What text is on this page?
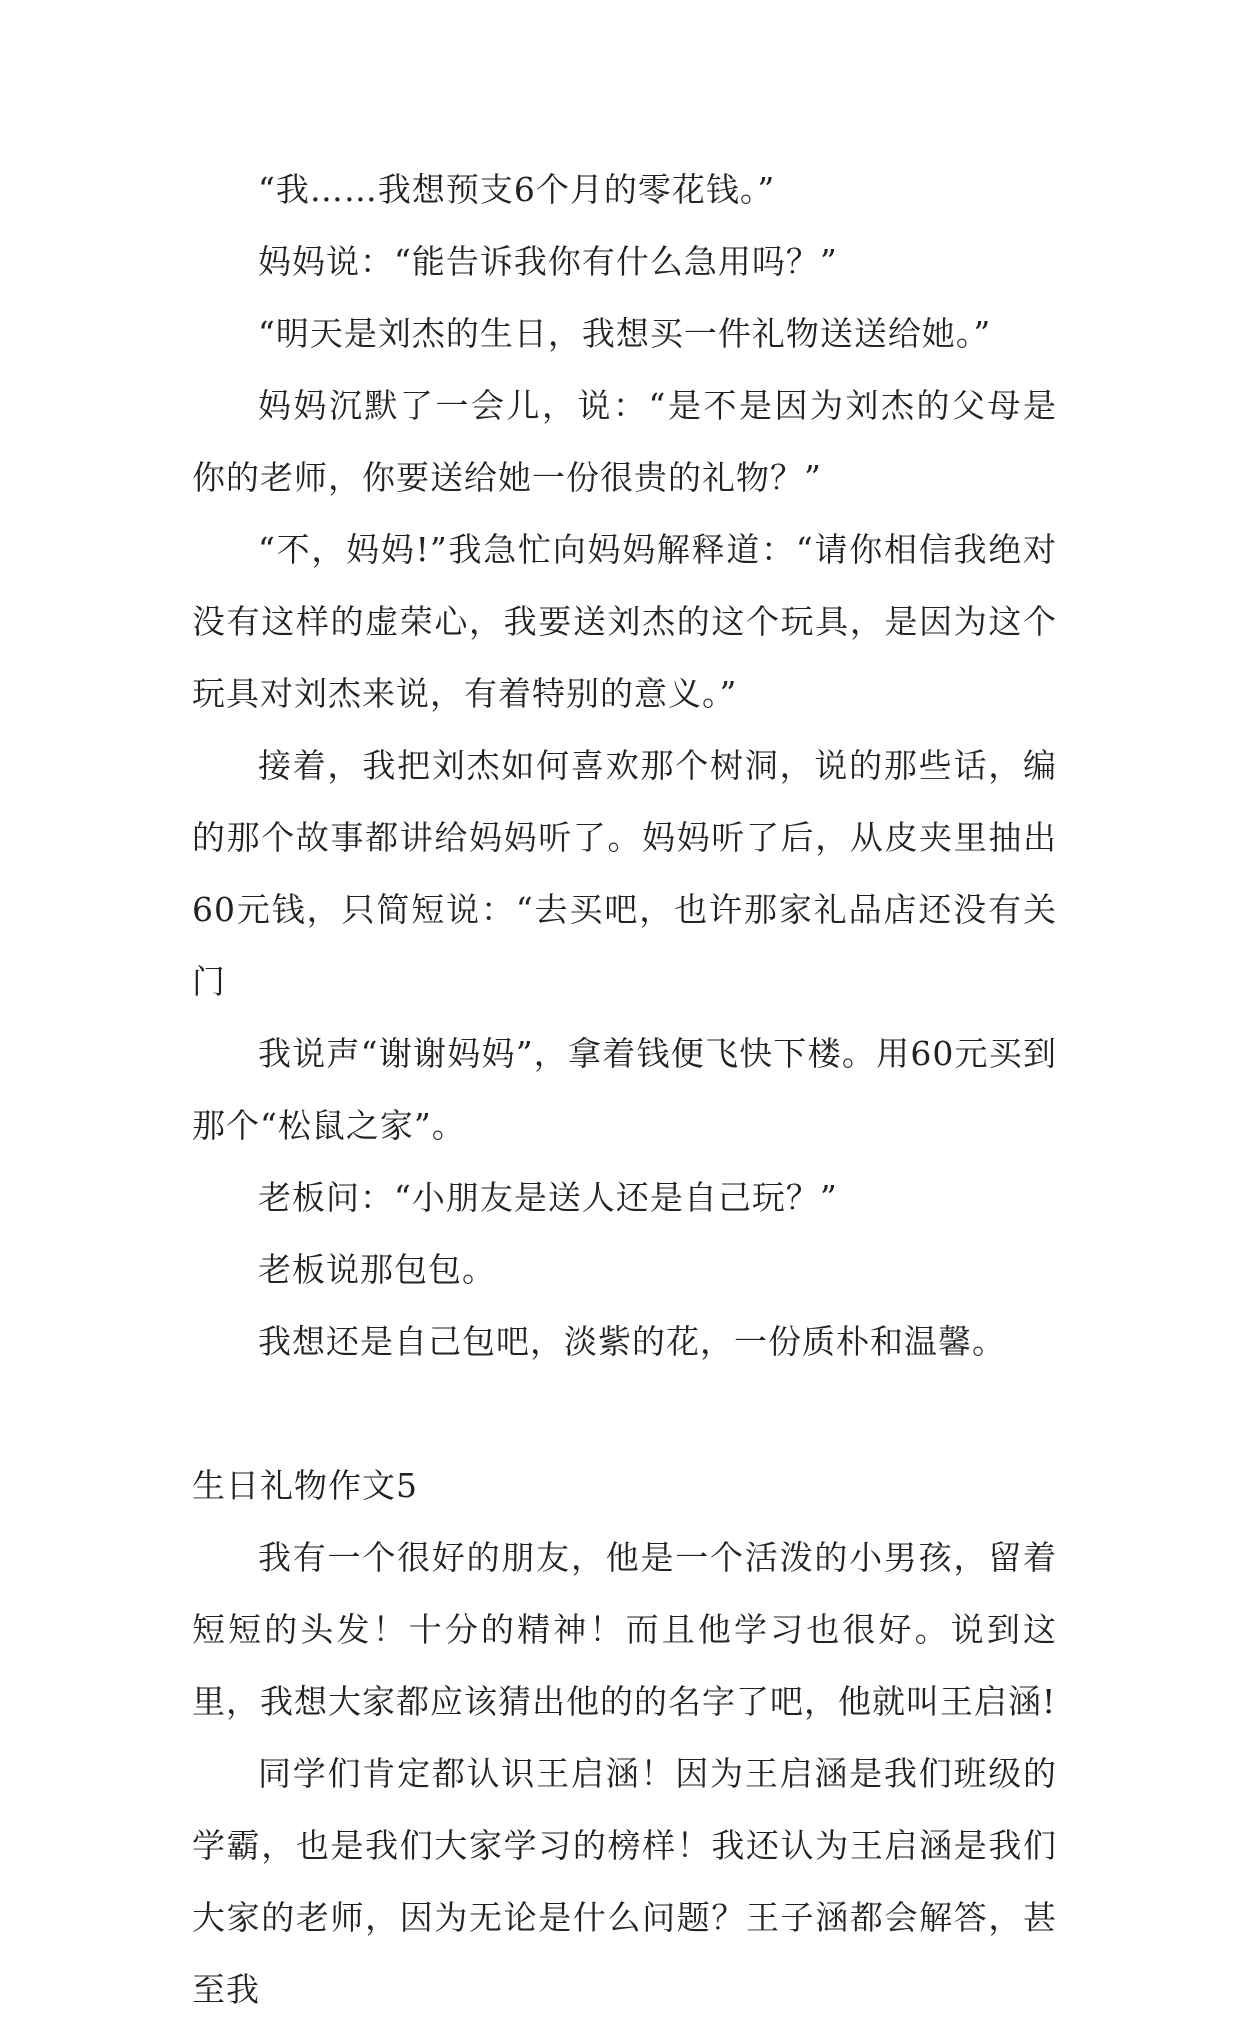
“我……我想预支6个月的零花钱。”

妈妈说：“能告诉我你有什么急用吗？”

“明天是刘杰的生日，我想买一件礼物送送给她。”

妈妈沉默了一会儿，说：“是不是因为刘杰的父母是你的老师，你要送给她一份很贵的礼物？”

“不，妈妈!”我急忙向妈妈解释道：“请你相信我绝对没有这样的虚荣心，我要送刘杰的这个玩具，是因为这个玩具对刘杰来说，有着特别的意义。”

接着，我把刘杰如何喜欢那个树洞，说的那些话，编的那个故事都讲给妈妈听了。妈妈听了后，从皮夹里抽出60元钱，只简短说：“去买吧，也许那家礼品店还没有关门

我说声“谢谢妈妈”，拿着钱便飞快下楼。用60元买到那个“松鼠之家”。

老板问：“小朋友是送人还是自己玩？”

老板说那包包。

我想还是自己包吧，淡紫的花，一份质朴和温馨。

生日礼物作文5

我有一个很好的朋友，他是一个活泼的小男孩，留着短短的头发！十分的精神！而且他学习也很好。说到这里，我想大家都应该猜出他的的名字了吧，他就叫王启涵!

同学们肯定都认识王启涵！因为王启涵是我们班级的学霸，也是我们大家学习的榜样！我还认为王启涵是我们大家的老师，因为无论是什么问题？王子涵都会解答，甚至我
